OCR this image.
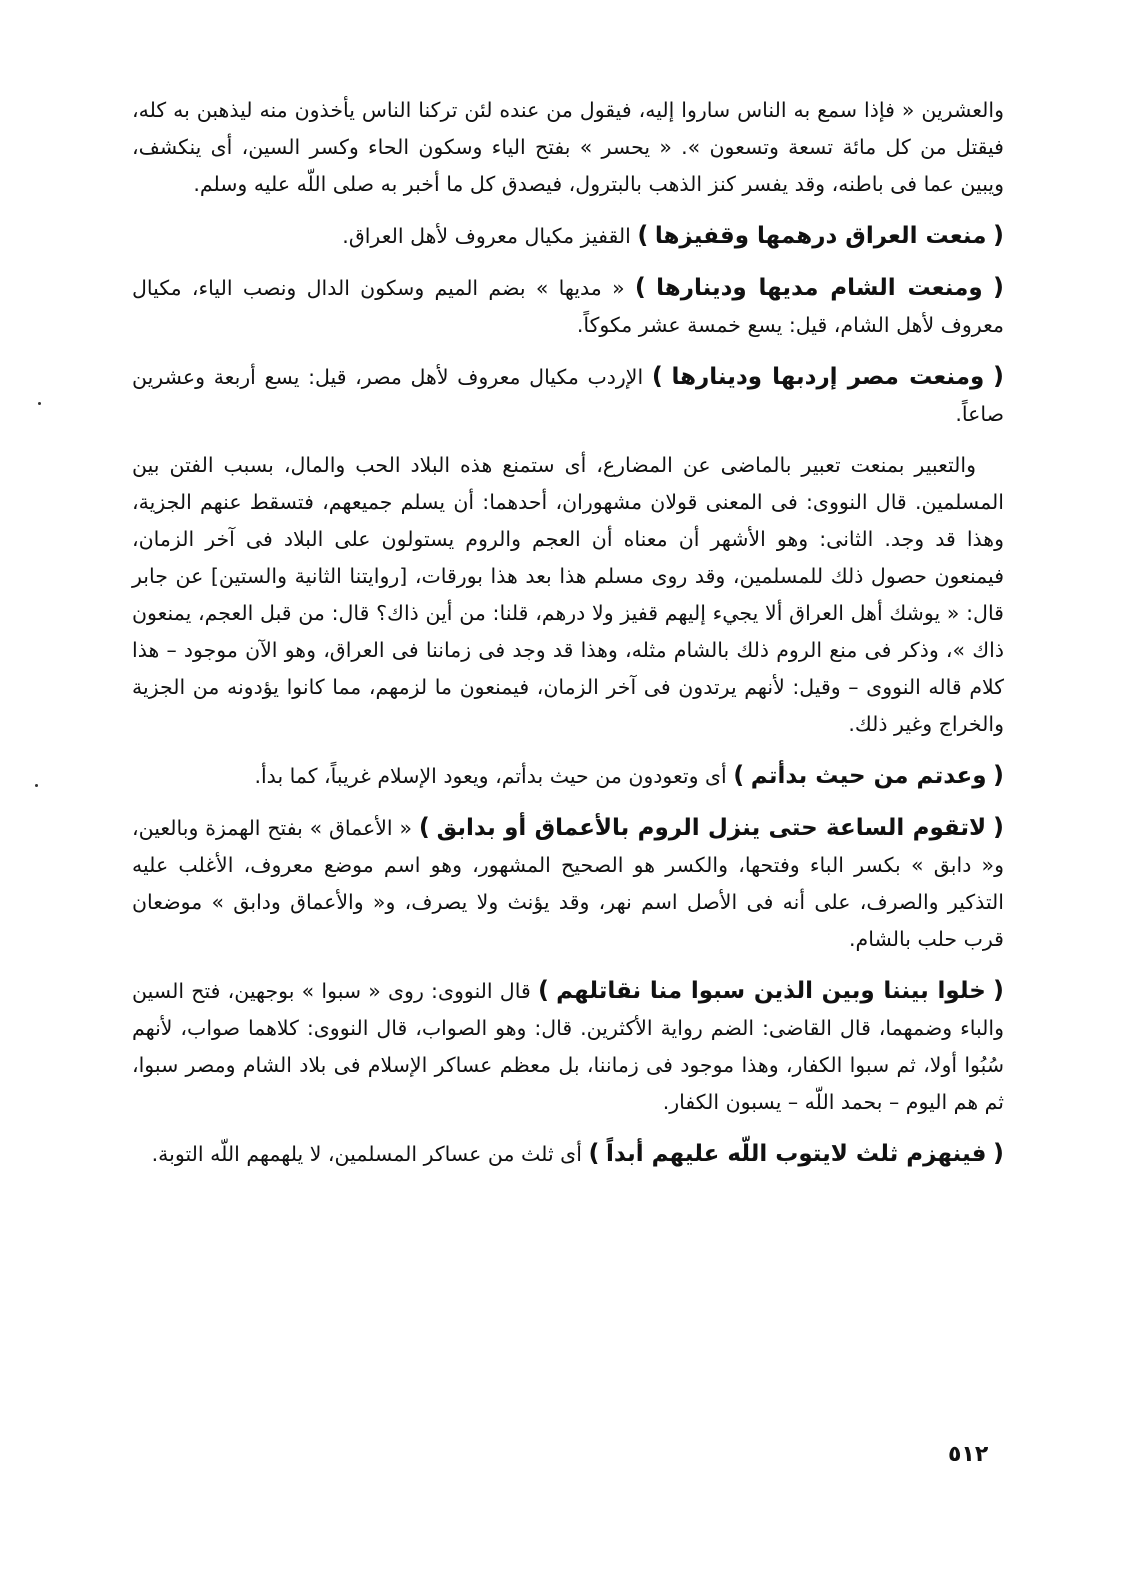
والعشرين « فإذا سمع به الناس ساروا إليه، فيقول من عنده لئن تركنا الناس يأخذون منه ليذهبن به كله، فيقتل من كل مائة تسعة وتسعون ». « يحسر » بفتح الياء وسكون الحاء وكسر السين، أى ينكشف، ويبين عما فى باطنه، وقد يفسر كنز الذهب بالبترول، فيصدق كل ما أخبر به صلى اللّه عليه وسلم.

( منعت العراق درهمها وقفيزها ) القفيز مكيال معروف لأهل العراق.

( ومنعت الشام مديها ودينارها ) « مديها » بضم الميم وسكون الدال ونصب الياء، مكيال معروف لأهل الشام، قيل: يسع خمسة عشر مكوكاً.

( ومنعت مصر إردبها ودينارها ) الإردب مكيال معروف لأهل مصر، قيل: يسع أربعة وعشرين صاعاً.

والتعبير بمنعت تعبير بالماضى عن المضارع، أى ستمنع هذه البلاد الحب والمال، بسبب الفتن بين المسلمين. قال النووى: فى المعنى قولان مشهوران، أحدهما: أن يسلم جميعهم، فتسقط عنهم الجزية، وهذا قد وجد. الثانى: وهو الأشهر أن معناه أن العجم والروم يستولون على البلاد فى آخر الزمان، فيمنعون حصول ذلك للمسلمين، وقد روى مسلم هذا بعد هذا بورقات، [روايتنا الثانية والستين] عن جابر قال: « يوشك أهل العراق ألا يجيء إليهم قفيز ولا درهم، قلنا: من أين ذاك؟ قال: من قبل العجم، يمنعون ذاك »، وذكر فى منع الروم ذلك بالشام مثله، وهذا قد وجد فى زماننا فى العراق، وهو الآن موجود – هذا كلام قاله النووى – وقيل: لأنهم يرتدون فى آخر الزمان، فيمنعون ما لزمهم، مما كانوا يؤدونه من الجزية والخراج وغير ذلك.

( وعدتم من حيث بدأتم ) أى وتعودون من حيث بدأتم، ويعود الإسلام غريباً، كما بدأ.

( لاتقوم الساعة حتى ينزل الروم بالأعماق أو بدابق ) « الأعماق » بفتح الهمزة وبالعين، و« دابق » بكسر الباء وفتحها، والكسر هو الصحيح المشهور، وهو اسم موضع معروف، الأغلب عليه التذكير والصرف، على أنه فى الأصل اسم نهر، وقد يؤنث ولا يصرف، و« والأعماق ودابق » موضعان قرب حلب بالشام.

( خلوا بيننا وبين الذين سبوا منا نقاتلهم ) قال النووى: روى « سبوا » بوجهين، فتح السين والباء وضمهما، قال القاضى: الضم رواية الأكثرين. قال: وهو الصواب، قال النووى: كلاهما صواب، لأنهم سُبُوا أولا، ثم سبوا الكفار، وهذا موجود فى زماننا، بل معظم عساكر الإسلام فى بلاد الشام ومصر سبوا، ثم هم اليوم – بحمد اللّه – يسبون الكفار.

( فينهزم ثلث لايتوب اللّه عليهم أبداً ) أى ثلث من عساكر المسلمين، لا يلهمهم اللّه التوبة.

٥١٢
